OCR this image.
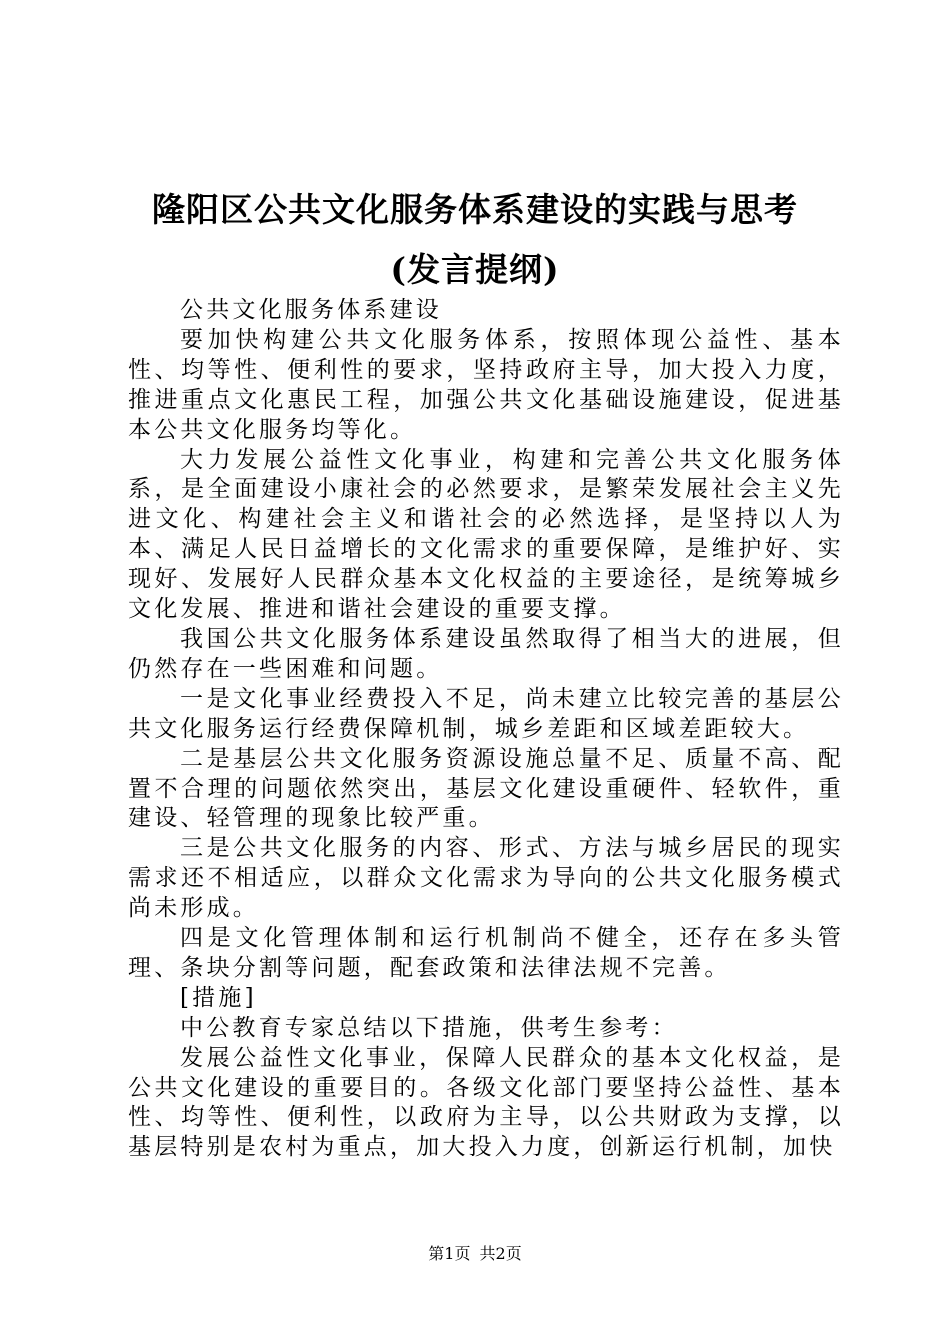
隆阳区公共文化服务体系建设的实践与思考
(发言提纲)

公共文化服务体系建设

要加快构建公共文化服务体系，按照体现公益性、基本性、均等性、便利性的要求，坚持政府主导，加大投入力度，推进重点文化惠民工程，加强公共文化基础设施建设，促进基本公共文化服务均等化。

大力发展公益性文化事业，构建和完善公共文化服务体系，是全面建设小康社会的必然要求，是繁荣发展社会主义先进文化、构建社会主义和谐社会的必然选择，是坚持以人为本、满足人民日益增长的文化需求的重要保障，是维护好、实现好、发展好人民群众基本文化权益的主要途径，是统筹城乡文化发展、推进和谐社会建设的重要支撑。

我国公共文化服务体系建设虽然取得了相当大的进展，但仍然存在一些困难和问题。

一是文化事业经费投入不足，尚未建立比较完善的基层公共文化服务运行经费保障机制，城乡差距和区域差距较大。

二是基层公共文化服务资源设施总量不足、质量不高、配置不合理的问题依然突出，基层文化建设重硬件、轻软件，重建设、轻管理的现象比较严重。

三是公共文化服务的内容、形式、方法与城乡居民的现实需求还不相适应，以群众文化需求为导向的公共文化服务模式尚未形成。

四是文化管理体制和运行机制尚不健全，还存在多头管理、条块分割等问题，配套政策和法律法规不完善。

[措施]

中公教育专家总结以下措施，供考生参考：

发展公益性文化事业，保障人民群众的基本文化权益，是公共文化建设的重要目的。各级文化部门要坚持公益性、基本性、均等性、便利性，以政府为主导，以公共财政为支撑，以基层特别是农村为重点，加大投入力度，创新运行机制，加快

第1页 共2页
